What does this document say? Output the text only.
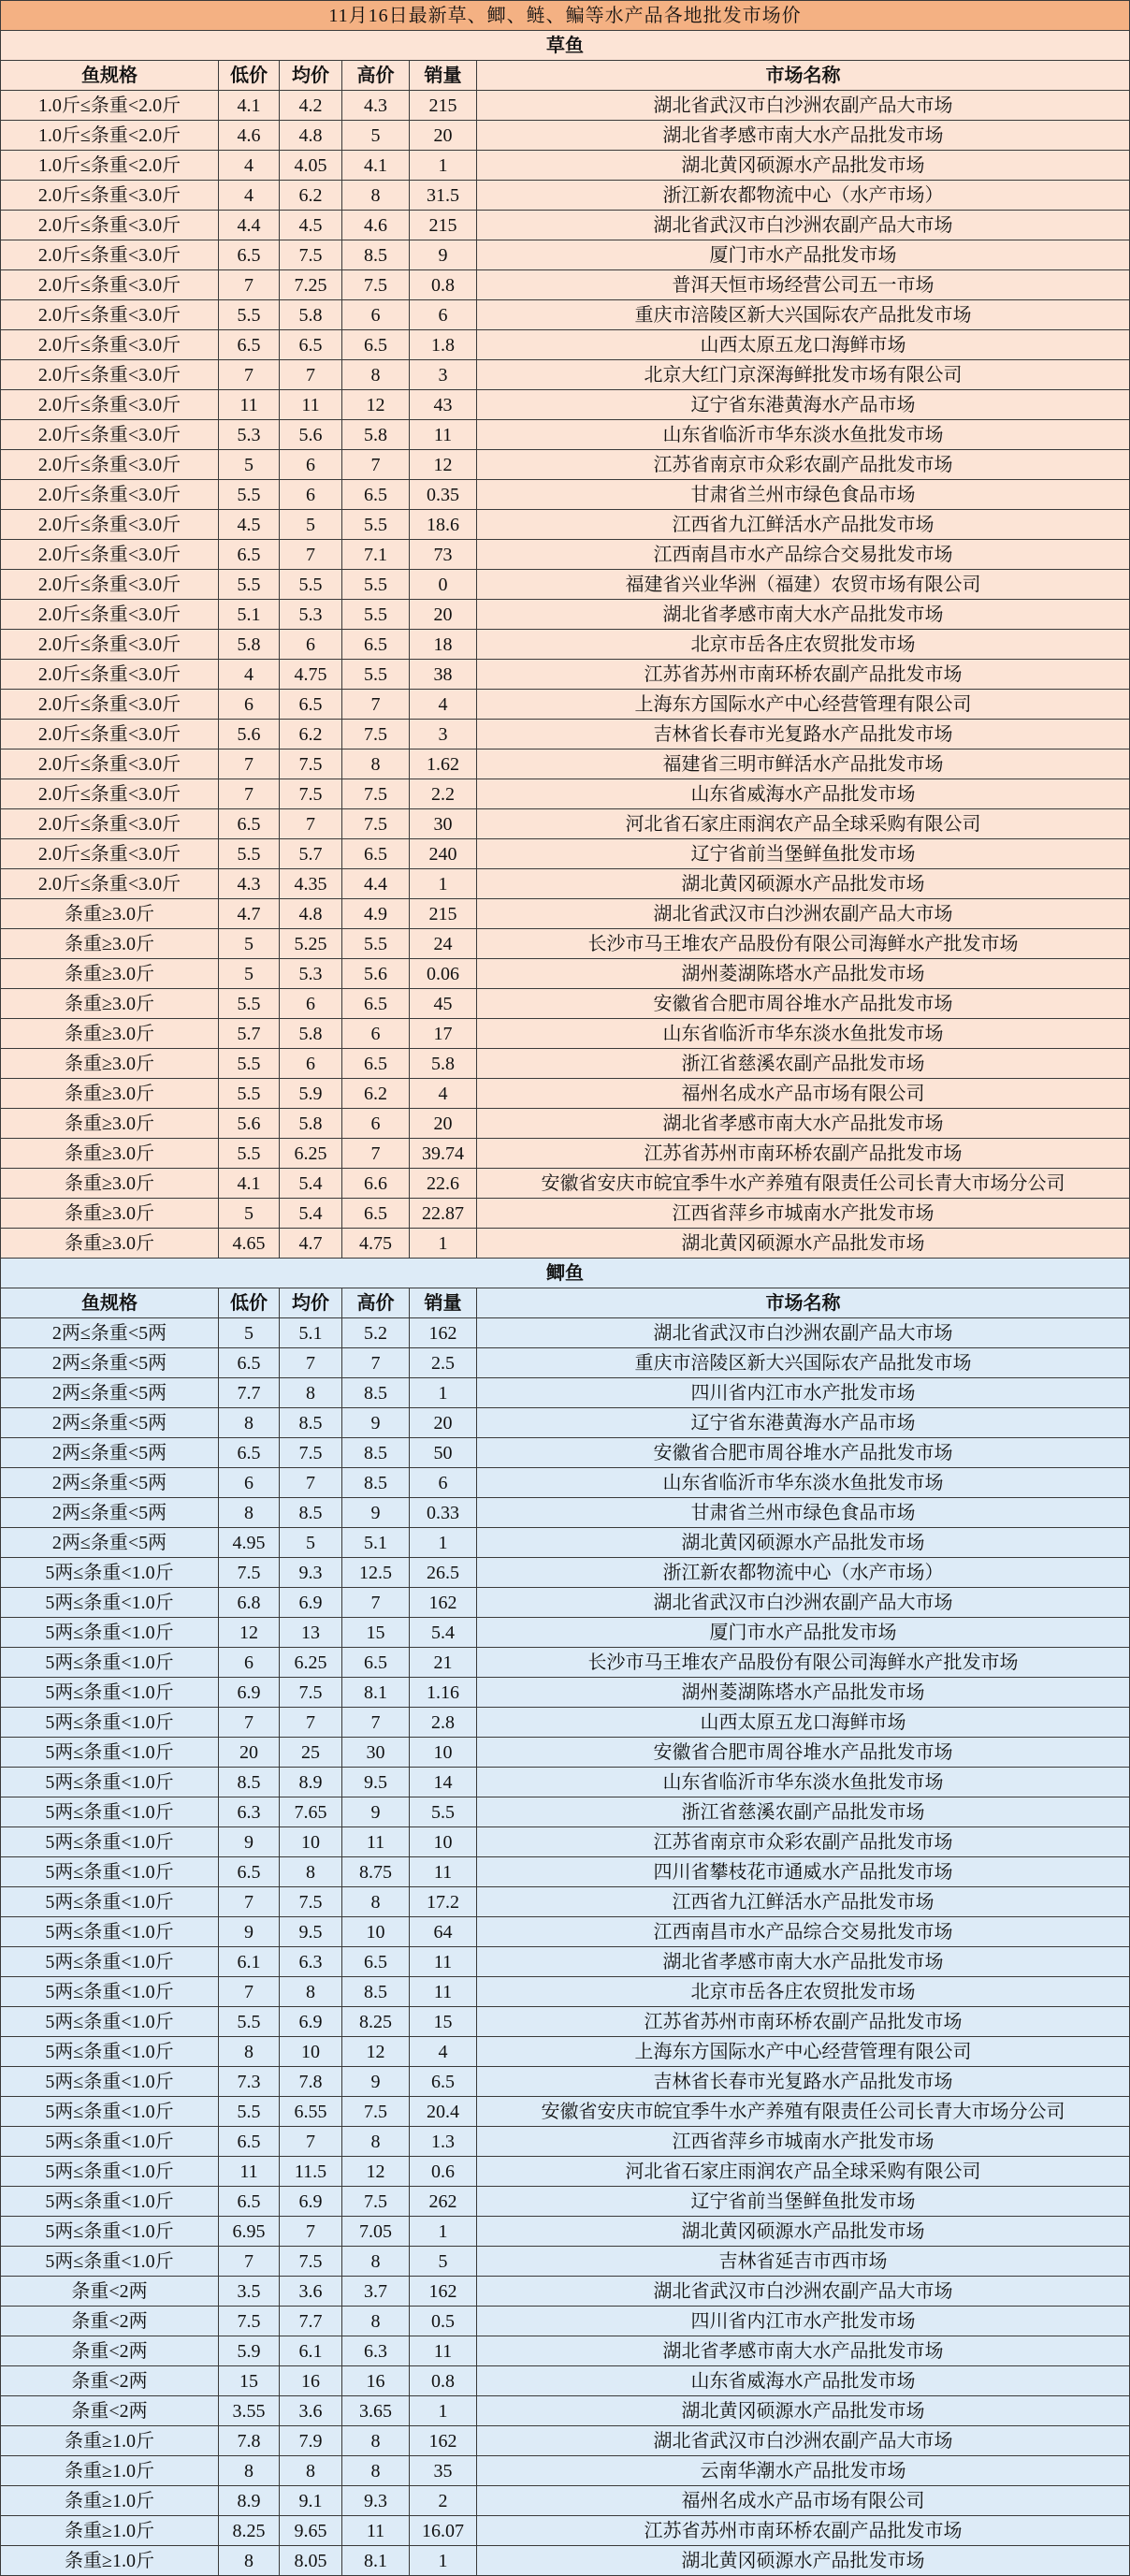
11月16日最新草、鲫、鲢、鳊等水产品各地批发市场价
草鱼
鱼规格	低价	均价	高价	销量	市场名称
1.0斤≤条重<2.0斤	4.1	4.2	4.3	215	湖北省武汉市白沙洲农副产品大市场
1.0斤≤条重<2.0斤	4.6	4.8	5	20	湖北省孝感市南大水产品批发市场
1.0斤≤条重<2.0斤	4	4.05	4.1	1	湖北黄冈硕源水产品批发市场
2.0斤≤条重<3.0斤	4	6.2	8	31.5	浙江新农都物流中心（水产市场）
2.0斤≤条重<3.0斤	4.4	4.5	4.6	215	湖北省武汉市白沙洲农副产品大市场
2.0斤≤条重<3.0斤	6.5	7.5	8.5	9	厦门市水产品批发市场
2.0斤≤条重<3.0斤	7	7.25	7.5	0.8	普洱天恒市场经营公司五一市场
2.0斤≤条重<3.0斤	5.5	5.8	6	6	重庆市涪陵区新大兴国际农产品批发市场
2.0斤≤条重<3.0斤	6.5	6.5	6.5	1.8	山西太原五龙口海鲜市场
2.0斤≤条重<3.0斤	7	7	8	3	北京大红门京深海鲜批发市场有限公司
2.0斤≤条重<3.0斤	11	11	12	43	辽宁省东港黄海水产品市场
2.0斤≤条重<3.0斤	5.3	5.6	5.8	11	山东省临沂市华东淡水鱼批发市场
2.0斤≤条重<3.0斤	5	6	7	12	江苏省南京市众彩农副产品批发市场
2.0斤≤条重<3.0斤	5.5	6	6.5	0.35	甘肃省兰州市绿色食品市场
2.0斤≤条重<3.0斤	4.5	5	5.5	18.6	江西省九江鲜活水产品批发市场
2.0斤≤条重<3.0斤	6.5	7	7.1	73	江西南昌市水产品综合交易批发市场
2.0斤≤条重<3.0斤	5.5	5.5	5.5	0	福建省兴业华洲（福建）农贸市场有限公司
2.0斤≤条重<3.0斤	5.1	5.3	5.5	20	湖北省孝感市南大水产品批发市场
2.0斤≤条重<3.0斤	5.8	6	6.5	18	北京市岳各庄农贸批发市场
2.0斤≤条重<3.0斤	4	4.75	5.5	38	江苏省苏州市南环桥农副产品批发市场
2.0斤≤条重<3.0斤	6	6.5	7	4	上海东方国际水产中心经营管理有限公司
2.0斤≤条重<3.0斤	5.6	6.2	7.5	3	吉林省长春市光复路水产品批发市场
2.0斤≤条重<3.0斤	7	7.5	8	1.62	福建省三明市鲜活水产品批发市场
2.0斤≤条重<3.0斤	7	7.5	7.5	2.2	山东省威海水产品批发市场
2.0斤≤条重<3.0斤	6.5	7	7.5	30	河北省石家庄雨润农产品全球采购有限公司
2.0斤≤条重<3.0斤	5.5	5.7	6.5	240	辽宁省前当堡鲜鱼批发市场
2.0斤≤条重<3.0斤	4.3	4.35	4.4	1	湖北黄冈硕源水产品批发市场
条重≥3.0斤	4.7	4.8	4.9	215	湖北省武汉市白沙洲农副产品大市场
条重≥3.0斤	5	5.25	5.5	24	长沙市马王堆农产品股份有限公司海鲜水产批发市场
条重≥3.0斤	5	5.3	5.6	0.06	湖州菱湖陈塔水产品批发市场
条重≥3.0斤	5.5	6	6.5	45	安徽省合肥市周谷堆水产品批发市场
条重≥3.0斤	5.7	5.8	6	17	山东省临沂市华东淡水鱼批发市场
条重≥3.0斤	5.5	6	6.5	5.8	浙江省慈溪农副产品批发市场
条重≥3.0斤	5.5	5.9	6.2	4	福州名成水产品市场有限公司
条重≥3.0斤	5.6	5.8	6	20	湖北省孝感市南大水产品批发市场
条重≥3.0斤	5.5	6.25	7	39.74	江苏省苏州市南环桥农副产品批发市场
条重≥3.0斤	4.1	5.4	6.6	22.6	安徽省安庆市皖宜季牛水产养殖有限责任公司长青大市场分公司
条重≥3.0斤	5	5.4	6.5	22.87	江西省萍乡市城南水产批发市场
条重≥3.0斤	4.65	4.7	4.75	1	湖北黄冈硕源水产品批发市场
鲫鱼
鱼规格	低价	均价	高价	销量	市场名称
2两≤条重<5两	5	5.1	5.2	162	湖北省武汉市白沙洲农副产品大市场
2两≤条重<5两	6.5	7	7	2.5	重庆市涪陵区新大兴国际农产品批发市场
2两≤条重<5两	7.7	8	8.5	1	四川省内江市水产批发市场
2两≤条重<5两	8	8.5	9	20	辽宁省东港黄海水产品市场
2两≤条重<5两	6.5	7.5	8.5	50	安徽省合肥市周谷堆水产品批发市场
2两≤条重<5两	6	7	8.5	6	山东省临沂市华东淡水鱼批发市场
2两≤条重<5两	8	8.5	9	0.33	甘肃省兰州市绿色食品市场
2两≤条重<5两	4.95	5	5.1	1	湖北黄冈硕源水产品批发市场
5两≤条重<1.0斤	7.5	9.3	12.5	26.5	浙江新农都物流中心（水产市场）
5两≤条重<1.0斤	6.8	6.9	7	162	湖北省武汉市白沙洲农副产品大市场
5两≤条重<1.0斤	12	13	15	5.4	厦门市水产品批发市场
5两≤条重<1.0斤	6	6.25	6.5	21	长沙市马王堆农产品股份有限公司海鲜水产批发市场
5两≤条重<1.0斤	6.9	7.5	8.1	1.16	湖州菱湖陈塔水产品批发市场
5两≤条重<1.0斤	7	7	7	2.8	山西太原五龙口海鲜市场
5两≤条重<1.0斤	20	25	30	10	安徽省合肥市周谷堆水产品批发市场
5两≤条重<1.0斤	8.5	8.9	9.5	14	山东省临沂市华东淡水鱼批发市场
5两≤条重<1.0斤	6.3	7.65	9	5.5	浙江省慈溪农副产品批发市场
5两≤条重<1.0斤	9	10	11	10	江苏省南京市众彩农副产品批发市场
5两≤条重<1.0斤	6.5	8	8.75	11	四川省攀枝花市通威水产品批发市场
5两≤条重<1.0斤	7	7.5	8	17.2	江西省九江鲜活水产品批发市场
5两≤条重<1.0斤	9	9.5	10	64	江西南昌市水产品综合交易批发市场
5两≤条重<1.0斤	6.1	6.3	6.5	11	湖北省孝感市南大水产品批发市场
5两≤条重<1.0斤	7	8	8.5	11	北京市岳各庄农贸批发市场
5两≤条重<1.0斤	5.5	6.9	8.25	15	江苏省苏州市南环桥农副产品批发市场
5两≤条重<1.0斤	8	10	12	4	上海东方国际水产中心经营管理有限公司
5两≤条重<1.0斤	7.3	7.8	9	6.5	吉林省长春市光复路水产品批发市场
5两≤条重<1.0斤	5.5	6.55	7.5	20.4	安徽省安庆市皖宜季牛水产养殖有限责任公司长青大市场分公司
5两≤条重<1.0斤	6.5	7	8	1.3	江西省萍乡市城南水产批发市场
5两≤条重<1.0斤	11	11.5	12	0.6	河北省石家庄雨润农产品全球采购有限公司
5两≤条重<1.0斤	6.5	6.9	7.5	262	辽宁省前当堡鲜鱼批发市场
5两≤条重<1.0斤	6.95	7	7.05	1	湖北黄冈硕源水产品批发市场
5两≤条重<1.0斤	7	7.5	8	5	吉林省延吉市西市场
条重<2两	3.5	3.6	3.7	162	湖北省武汉市白沙洲农副产品大市场
条重<2两	7.5	7.7	8	0.5	四川省内江市水产批发市场
条重<2两	5.9	6.1	6.3	11	湖北省孝感市南大水产品批发市场
条重<2两	15	16	16	0.8	山东省威海水产品批发市场
条重<2两	3.55	3.6	3.65	1	湖北黄冈硕源水产品批发市场
条重≥1.0斤	7.8	7.9	8	162	湖北省武汉市白沙洲农副产品大市场
条重≥1.0斤	8	8	8	35	云南华潮水产品批发市场
条重≥1.0斤	8.9	9.1	9.3	2	福州名成水产品市场有限公司
条重≥1.0斤	8.25	9.65	11	16.07	江苏省苏州市南环桥农副产品批发市场
条重≥1.0斤	8	8.05	8.1	1	湖北黄冈硕源水产品批发市场
